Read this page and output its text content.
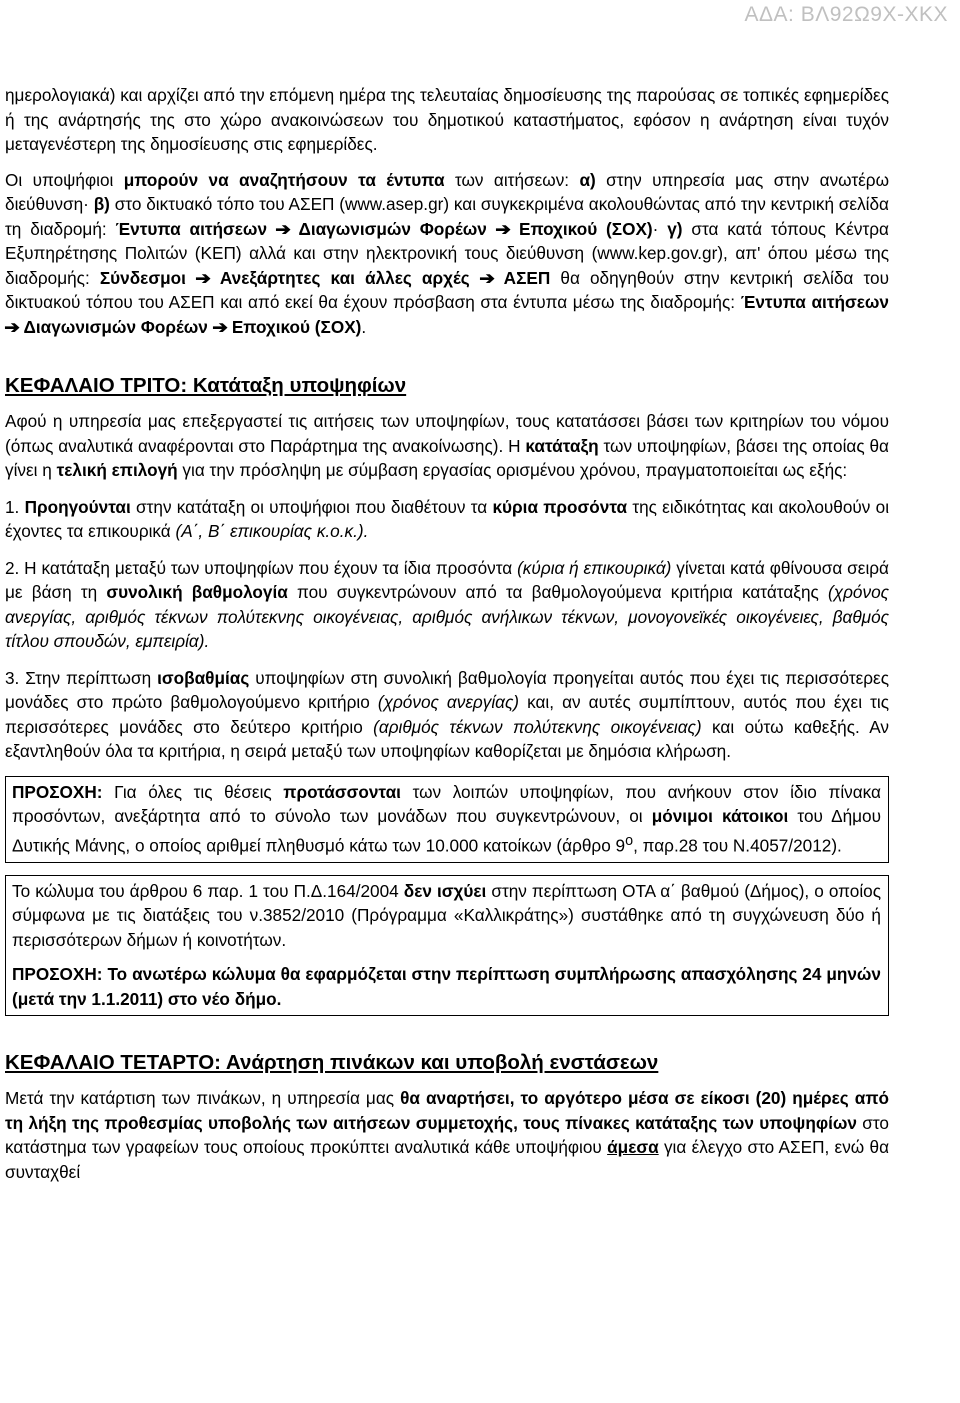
ΑΔΑ: ΒΛ92Ω9Χ-ΧΚΧ

ημερολογιακά) και αρχίζει από την επόμενη ημέρα της τελευταίας δημοσίευσης της παρούσας σε τοπικές εφημερίδες ή της ανάρτησής της στο χώρο ανακοινώσεων του δημοτικού καταστήματος, εφόσον η ανάρτηση είναι τυχόν μεταγενέστερη της δημοσίευσης στις εφημερίδες.

Οι υποψήφιοι μπορούν να αναζητήσουν τα έντυπα των αιτήσεων: α) στην υπηρεσία μας στην ανωτέρω διεύθυνση· β) στο δικτυακό τόπο του ΑΣΕΠ (www.asep.gr) και συγκεκριμένα ακολουθώντας από την κεντρική σελίδα τη διαδρομή: Έντυπα αιτήσεων ➔ Διαγωνισμών Φορέων ➔ Εποχικού (ΣΟΧ)· γ) στα κατά τόπους Κέντρα Εξυπηρέτησης Πολιτών (ΚΕΠ) αλλά και στην ηλεκτρονική τους διεύθυνση (www.kep.gov.gr), απ' όπου μέσω της διαδρομής: Σύνδεσμοι ➔ Ανεξάρτητες και άλλες αρχές ➔ ΑΣΕΠ θα οδηγηθούν στην κεντρική σελίδα του δικτυακού τόπου του ΑΣΕΠ και από εκεί θα έχουν πρόσβαση στα έντυπα μέσω της διαδρομής: Έντυπα αιτήσεων ➔ Διαγωνισμών Φορέων ➔ Εποχικού (ΣΟΧ).

ΚΕΦΑΛΑΙΟ ΤΡΙΤΟ: Κατάταξη υποψηφίων

Αφού η υπηρεσία μας επεξεργαστεί τις αιτήσεις των υποψηφίων, τους κατατάσσει βάσει των κριτηρίων του νόμου (όπως αναλυτικά αναφέρονται στο Παράρτημα της ανακοίνωσης). Η κατάταξη των υποψηφίων, βάσει της οποίας θα γίνει η τελική επιλογή για την πρόσληψη με σύμβαση εργασίας ορισμένου χρόνου, πραγματοποιείται ως εξής:

1. Προηγούνται στην κατάταξη οι υποψήφιοι που διαθέτουν τα κύρια προσόντα της ειδικότητας και ακολουθούν οι έχοντες τα επικουρικά (Α΄, Β΄ επικουρίας κ.ο.κ.).

2. Η κατάταξη μεταξύ των υποψηφίων που έχουν τα ίδια προσόντα (κύρια ή επικουρικά) γίνεται κατά φθίνουσα σειρά με βάση τη συνολική βαθμολογία που συγκεντρώνουν από τα βαθμολογούμενα κριτήρια κατάταξης (χρόνος ανεργίας, αριθμός τέκνων πολύτεκνης οικογένειας, αριθμός ανήλικων τέκνων, μονογονεϊκές οικογένειες, βαθμός τίτλου σπουδών, εμπειρία).

3. Στην περίπτωση ισοβαθμίας υποψηφίων στη συνολική βαθμολογία προηγείται αυτός που έχει τις περισσότερες μονάδες στο πρώτο βαθμολογούμενο κριτήριο (χρόνος ανεργίας) και, αν αυτές συμπίπτουν, αυτός που έχει τις περισσότερες μονάδες στο δεύτερο κριτήριο (αριθμός τέκνων πολύτεκνης οικογένειας) και ούτω καθεξής. Αν εξαντληθούν όλα τα κριτήρια, η σειρά μεταξύ των υποψηφίων καθορίζεται με δημόσια κλήρωση.

ΠΡΟΣΟΧΗ: Για όλες τις θέσεις προτάσσονται των λοιπών υποψηφίων, που ανήκουν στον ίδιο πίνακα προσόντων, ανεξάρτητα από το σύνολο των μονάδων που συγκεντρώνουν, οι μόνιμοι κάτοικοι του Δήμου Δυτικής Μάνης, ο οποίος αριθμεί πληθυσμό κάτω των 10.000 κατοίκων (άρθρο $9^o$, παρ.28 του Ν.4057/2012).

Το κώλυμα του άρθρου 6 παρ. 1 του Π.Δ.164/2004 δεν ισχύει στην περίπτωση ΟΤΑ α΄ βαθμού (Δήμος), ο οποίος σύμφωνα με τις διατάξεις του ν.3852/2010 (Πρόγραμμα «Καλλικράτης») συστάθηκε από τη συγχώνευση δύο ή περισσότερων δήμων ή κοινοτήτων.

ΠΡΟΣΟΧΗ: Το ανωτέρω κώλυμα θα εφαρμόζεται στην περίπτωση συμπλήρωσης απασχόλησης 24 μηνών (μετά την 1.1.2011) στο νέο δήμο.

ΚΕΦΑΛΑΙΟ ΤΕΤΑΡΤΟ: Ανάρτηση πινάκων και υποβολή ενστάσεων

Μετά την κατάρτιση των πινάκων, η υπηρεσία μας θα αναρτήσει, το αργότερο μέσα σε είκοσι (20) ημέρες από τη λήξη της προθεσμίας υποβολής των αιτήσεων συμμετοχής, τους πίνακες κατάταξης των υποψηφίων στο κατάστημα των γραφείων τους οποίους προκύπτει αναλυτικά κάθε υποψήφιου άμεσα για έλεγχο στο ΑΣΕΠ, ενώ θα συνταχθεί
